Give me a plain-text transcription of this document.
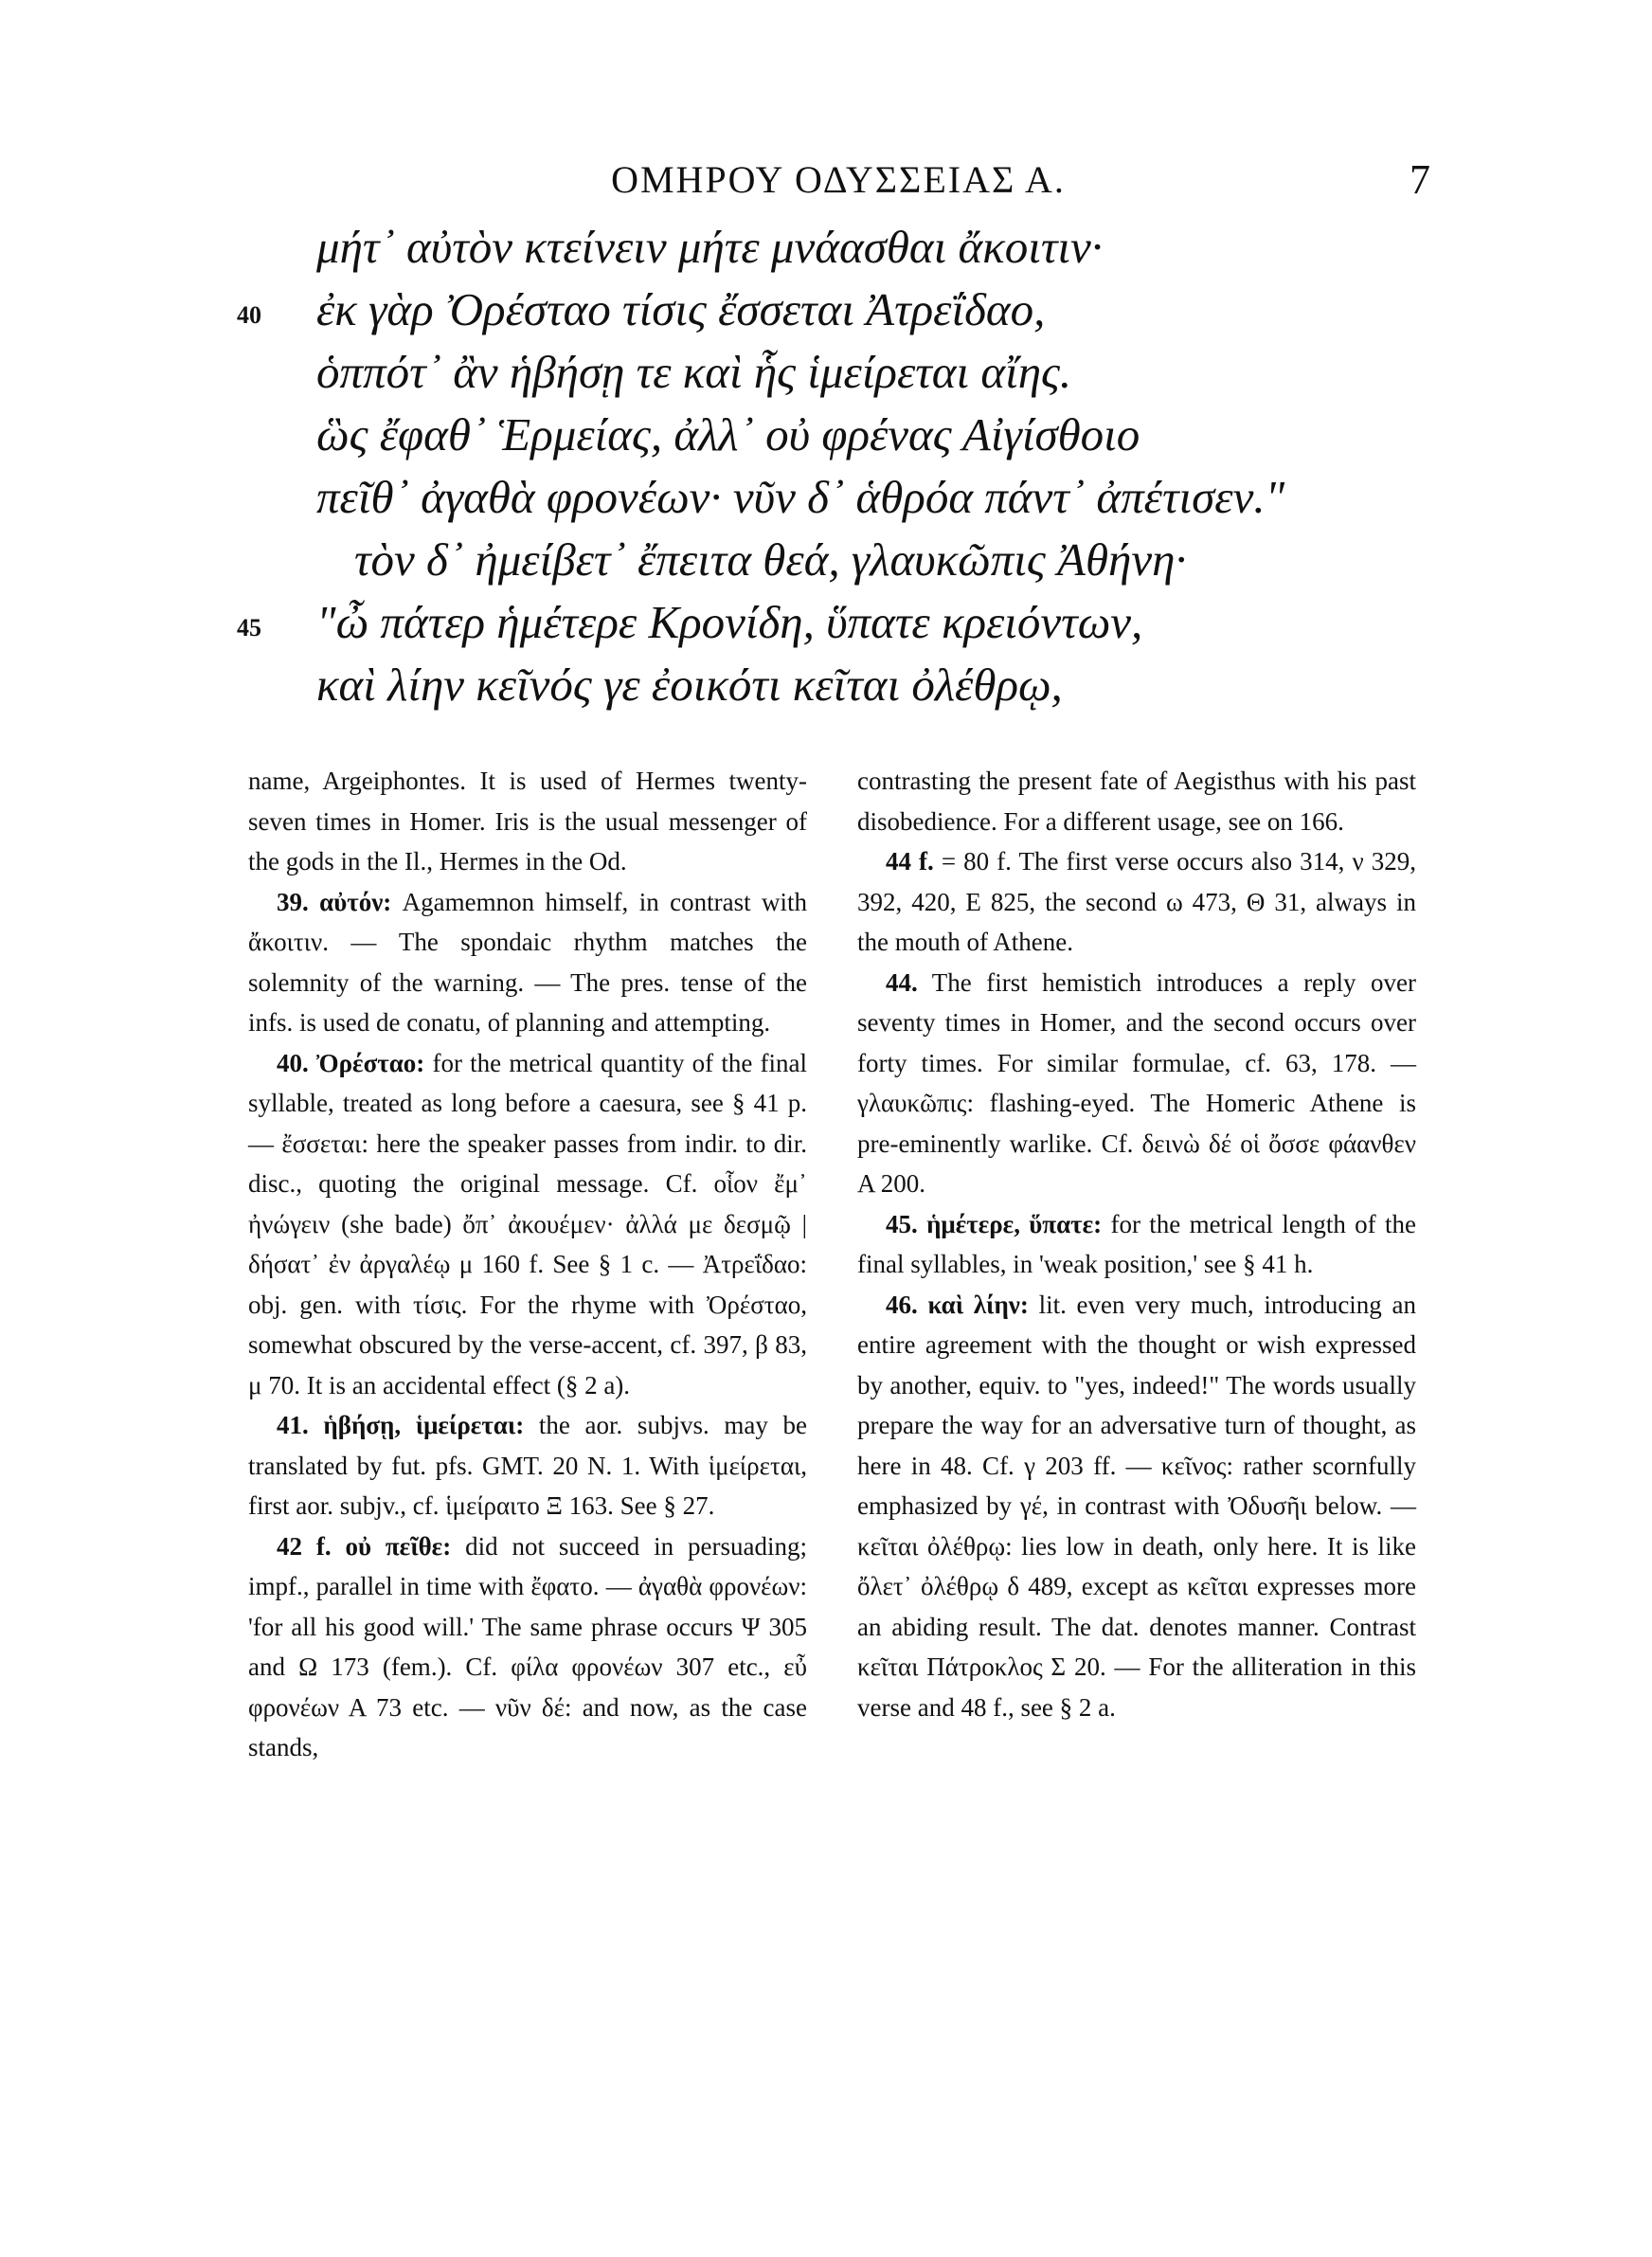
ΟΜΗΡΟΥ ΟΔΥΣΣΕΙΑΣ Α.	7
μήτ᾽ αὐτὸν κτείνειν μήτε μνάασθαι ἄκοιτιν·
40 ἐκ γὰρ Ὀρέσταο τίσις ἔσσεται Ἀτρεΐδαο,
ὁππότ᾽ ἂν ἡβήσῃ τε καὶ ἧς ἱμείρεται αἴης.
ὣς ἔφαθ᾽ Ἑρμείας, ἀλλ᾽ οὐ φρένας Αἰγίσθοιο
πεῖθ᾽ ἀγαθὰ φρονέων· νῦν δ᾽ ἁθρόα πάντ᾽ ἀπέτισεν."
τὸν δ᾽ ἠμείβετ᾽ ἔπειτα θεά, γλαυκῶπις Ἀθήνη·
45 "ὦ πάτερ ἡμέτερε Κρονίδη, ὕπατε κρειόντων,
καὶ λίην κεῖνός γε ἐοικότι κεῖται ὀλέθρῳ,

name, Argeiphontes. It is used of Hermes twenty-seven times in Homer. Iris is the usual messenger of the gods in the Il., Hermes in the Od.

39. αὐτόν: Agamemnon himself, in contrast with ἄκοιτιν. — The spondaic rhythm matches the solemnity of the warning. — The pres. tense of the infs. is used de conatu, of planning and attempting.

40. Ὀρέσταο: for the metrical quantity of the final syllable, treated as long before a caesura, see § 41 p. — ἔσσεται: here the speaker passes from indir. to dir. disc., quoting the original message. Cf. οἷον ἔμ᾽ ἠνώγειν (she bade) ὄπ᾽ ἀκουέμεν· ἀλλά με δεσμῷ | δήσατ᾽ ἐν ἀργαλέῳ μ 160 f. See § 1 c. — Ἀτρεΐδαο: obj. gen. with τίσις. For the rhyme with Ὀρέσταο, somewhat obscured by the verse-accent, cf. 397, β 83, μ 70. It is an accidental effect (§ 2 a).

41. ἡβήσῃ, ἱμείρεται: the aor. subjvs. may be translated by fut. pfs. GMT. 20 N. 1. With ἱμείρεται, first aor. subjv., cf. ἱμείραιτο Ξ 163. See § 27.

42 f. οὐ πεῖθε: did not succeed in persuading; impf., parallel in time with ἔφατο. — ἀγαθὰ φρονέων: 'for all his good will.' The same phrase occurs Ψ 305 and Ω 173 (fem.). Cf. φίλα φρονέων 307 etc., εὖ φρονέων Α 73 etc. — νῦν δέ: and now, as the case stands,

contrasting the present fate of Aegisthus with his past disobedience. For a different usage, see on 166.

44 f. = 80 f. The first verse occurs also 314, ν 329, 392, 420, Ε 825, the second ω 473, Θ 31, always in the mouth of Athene.

44. The first hemistich introduces a reply over seventy times in Homer, and the second occurs over forty times. For similar formulae, cf. 63, 178. — γλαυκῶπις: flashing-eyed. The Homeric Athene is pre-eminently warlike. Cf. δεινὼ δέ οἱ ὄσσε φάανθεν Α 200.

45. ἡμέτερε, ὕπατε: for the metrical length of the final syllables, in 'weak position,' see § 41 h.

46. καὶ λίην: lit. even very much, introducing an entire agreement with the thought or wish expressed by another, equiv. to "yes, indeed!" The words usually prepare the way for an adversative turn of thought, as here in 48. Cf. γ 203 ff. — κεῖνος: rather scornfully emphasized by γέ, in contrast with Ὀδυσῆι below. — κεῖται ὀλέθρῳ: lies low in death, only here. It is like ὄλετ᾽ ὀλέθρῳ δ 489, except as κεῖται expresses more an abiding result. The dat. denotes manner. Contrast κεῖται Πάτροκλος Σ 20. — For the alliteration in this verse and 48 f., see § 2 a.
